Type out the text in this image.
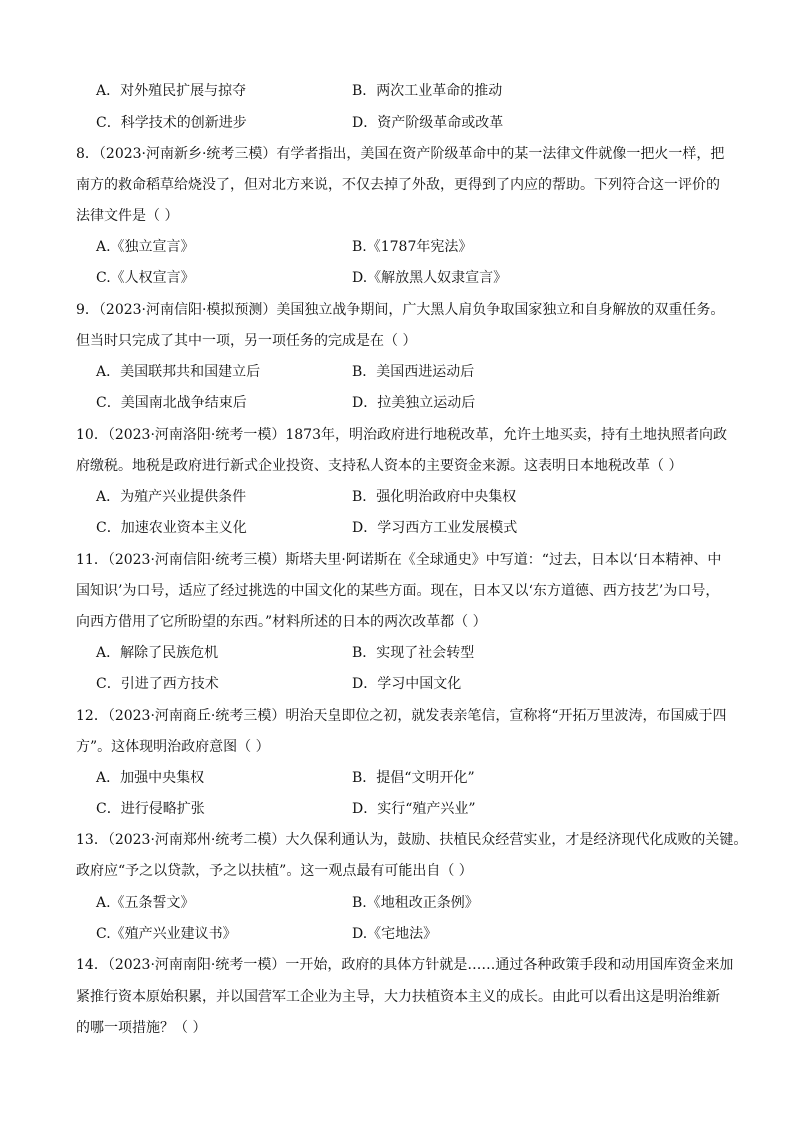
A．对外殖民扩展与掠夺	B．两次工业革命的推动
C．科学技术的创新进步	D．资产阶级革命或改革
8．（2023·河南新乡·统考三模）有学者指出，美国在资产阶级革命中的某一法律文件就像一把火一样，把
南方的救命稻草给烧没了，但对北方来说，不仅去掉了外敌，更得到了内应的帮助。下列符合这一评价的
法律文件是（ ）
A.《独立宣言》	B.《1787年宪法》
C.《人权宣言》	D.《解放黑人奴隶宣言》
9．（2023·河南信阳·模拟预测）美国独立战争期间，广大黑人肩负争取国家独立和自身解放的双重任务。
但当时只完成了其中一项，另一项任务的完成是在（ ）
A．美国联邦共和国建立后	B．美国西进运动后
C．美国南北战争结束后	D．拉美独立运动后
10．（2023·河南洛阳·统考一模）1873年，明治政府进行地税改革，允许土地买卖，持有土地执照者向政
府缴税。地税是政府进行新式企业投资、支持私人资本的主要资金来源。这表明日本地税改革（ ）
A．为殖产兴业提供条件	B．强化明治政府中央集权
C．加速农业资本主义化	D．学习西方工业发展模式
11．（2023·河南信阳·统考三模）斯塔夫里·阿诺斯在《全球通史》中写道：“过去，日本以‘日本精神、中
国知识’为口号，适应了经过挑选的中国文化的某些方面。现在，日本又以‘东方道德、西方技艺’为口号，
向西方借用了它所盼望的东西。”材料所述的日本的两次改革都（ ）
A．解除了民族危机	B．实现了社会转型
C．引进了西方技术	D．学习中国文化
12．（2023·河南商丘·统考三模）明治天皇即位之初，就发表亲笔信，宣称将“开拓万里波涛，布国威于四
方”。这体现明治政府意图（ ）
A．加强中央集权	B．提倡“文明开化”
C．进行侵略扩张	D．实行“殖产兴业”
13．（2023·河南郑州·统考二模）大久保利通认为，鼓励、扶植民众经营实业，才是经济现代化成败的关键。
政府应“予之以贷款，予之以扶植”。这一观点最有可能出自（ ）
A.《五条誓文》	B.《地租改正条例》
C.《殖产兴业建议书》	D.《宅地法》
14．（2023·河南南阳·统考一模）一开始，政府的具体方针就是……通过各种政策手段和动用国库资金来加
紧推行资本原始积累，并以国营军工企业为主导，大力扶植资本主义的成长。由此可以看出这是明治维新
的哪一项措施？（ ）
